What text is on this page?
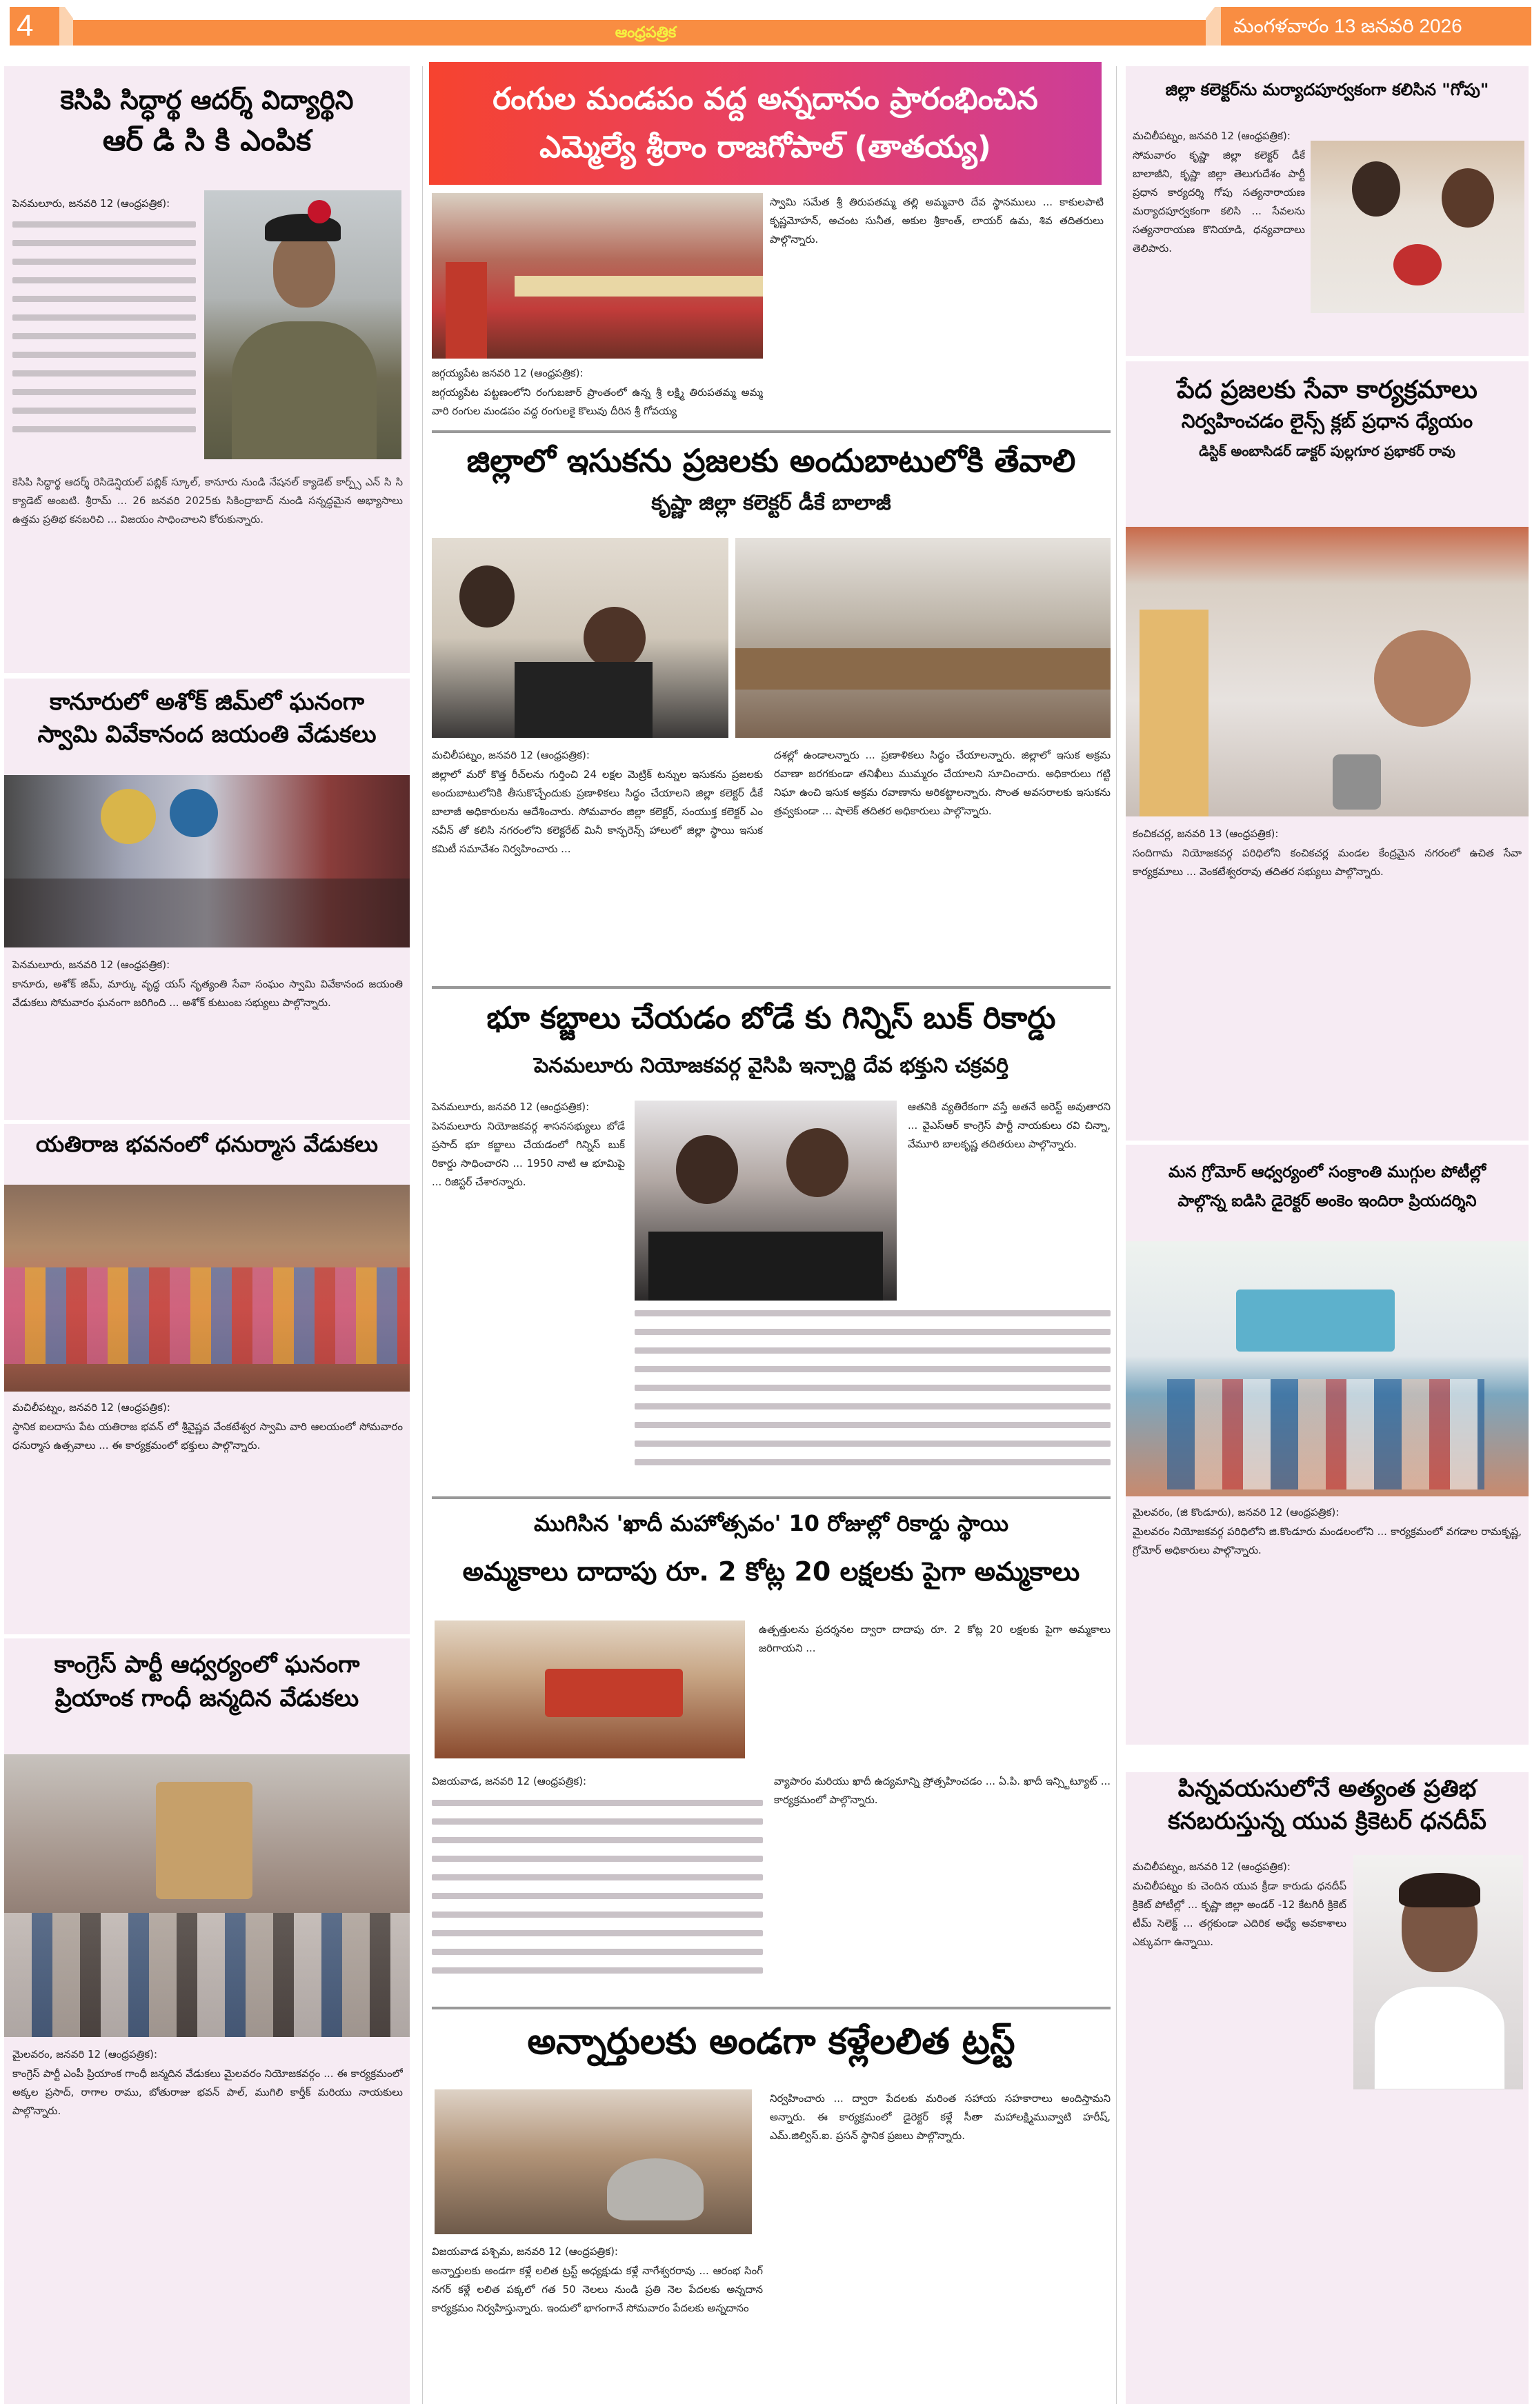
4	ఆంధ్రపత్రిక	మంగళవారం 13 జనవరి 2026
కెసిపి సిద్ధార్థ ఆదర్శ్ విద్యార్థిని
ఆర్ డి సి కి ఎంపిక
పెనమలూరు, జనవరి 12 (ఆంధ్రపత్రిక):
కెసిపి సిద్ధార్థ ఆదర్శ్ రెసిడెన్షియల్ పబ్లిక్ స్కూల్, కానూరు నుండి నేషనల్ క్యాడెట్ కార్ప్స్ ఎన్ సి సి క్యాడెట్ అంబటి. శ్రీరామ్ ... 26 జనవరి 2025కు సికింద్రాబాద్ నుండి సన్నద్ధమైన అభ్యాసాలు ఉత్తమ ప్రతిభ కనబరిచి ... విజయం సాధించాలని కోరుకున్నారు.
కానూరులో అశోక్ జిమ్‌లో ఘనంగా
స్వామి వివేకానంద జయంతి వేడుకలు
పెనమలూరు, జనవరి 12 (ఆంధ్రపత్రిక):
కానూరు, అశోక్ జిమ్, మార్కు వృద్ధ యస్ నృత్యంతి సేవా సంఘం స్వామి వివేకానంద జయంతి వేడుకలు సోమవారం ఘనంగా జరిగింది ... అశోక్ కుటుంబ సభ్యులు పాల్గొన్నారు.
యతిరాజ భవనంలో ధనుర్మాస వేడుకలు
మచిలీపట్నం, జనవరి 12 (ఆంధ్రపత్రిక):
స్థానిక ఐలదాసు పేట యతిరాజ భవన్ లో శ్రీవైష్ణవ వేంకటేశ్వర స్వామి వారి ఆలయంలో సోమవారం ధనుర్మాస ఉత్సవాలు ... ఈ కార్యక్రమంలో భక్తులు పాల్గొన్నారు.
కాంగ్రెస్ పార్టీ ఆధ్వర్యంలో ఘనంగా
ప్రియాంక గాంధీ జన్మదిన వేడుకలు
మైలవరం, జనవరి 12 (ఆంధ్రపత్రిక):
కాంగ్రెస్ పార్టీ ఎంపీ ప్రియాంక గాంధీ జన్మదిన వేడుకలు మైలవరం నియోజకవర్గం ... ఈ కార్యక్రమంలో అక్కల ప్రసాద్, రాగాల రాము, బోతురాజు భవన్ పాల్, ముగిలి కార్తీక్ మరియు నాయకులు పాల్గొన్నారు.
రంగుల మండపం వద్ద అన్నదానం ప్రారంభించిన
ఎమ్మెల్యే శ్రీరాం రాజగోపాల్ (తాతయ్య)
స్వామి సమేత శ్రీ తిరుపతమ్మ తల్లి అమ్మవారి దేవ స్థానములు ... కాకులపాటి కృష్ణమోహన్, అచంట సునీత, అకుల శ్రీకాంత్, లాయర్ ఉమ, శివ తదితరులు పాల్గొన్నారు.
జగ్గయ్యపేట జనవరి 12 (ఆంధ్రపత్రిక):
జగ్గయ్యపేట పట్టణంలోని రంగుబజార్ ప్రాంతంలో ఉన్న శ్రీ లక్ష్మి తిరుపతమ్మ అమ్మ వారి రంగుల మండపం వద్ద రంగులకై కొలువు దీరిన శ్రీ గోవయ్య
జిల్లాలో ఇసుకను ప్రజలకు అందుబాటులోకి తేవాలి
కృష్ణా జిల్లా కలెక్టర్ డీకే బాలాజీ
మచిలీపట్నం, జనవరి 12 (ఆంధ్రపత్రిక):
జిల్లాలో మరో కొత్త రీచ్‌లను గుర్తించి 24 లక్షల మెట్రిక్ టన్నుల ఇసుకను ప్రజలకు అందుబాటులోనికి తీసుకొచ్చేందుకు ప్రణాళికలు సిద్ధం చేయాలని జిల్లా కలెక్టర్ డీకే బాలాజీ అధికారులను ఆదేశించారు. సోమవారం జిల్లా కలెక్టర్, సంయుక్త కలెక్టర్ ఎం నవీన్ తో కలిసి నగరంలోని కలెక్టరేట్ మినీ కాన్ఫరెన్స్ హాలులో జిల్లా స్థాయి ఇసుక కమిటీ సమావేశం నిర్వహించారు ...
దశల్లో ఉండాలన్నారు ... ప్రణాళికలు సిద్ధం చేయాలన్నారు. జిల్లాలో ఇసుక అక్రమ రవాణా జరగకుండా తనిఖీలు ముమ్మరం చేయాలని సూచించారు. అధికారులు గట్టి నిఘా ఉంచి ఇసుక అక్రమ రవాణాను అరికట్టాలన్నారు. సొంత అవసరాలకు ఇసుకను త్రవ్వకుండా ... షాలెక్ తదితర అధికారులు పాల్గొన్నారు.
భూ కబ్జాలు చేయడం బోడే కు గిన్నిస్ బుక్ రికార్డు
పెనమలూరు నియోజకవర్గ వైసిపి ఇన్చార్జి దేవ భక్తుని చక్రవర్తి
పెనమలూరు, జనవరి 12 (ఆంధ్రపత్రిక):
పెనమలూరు నియోజకవర్గ శాసనసభ్యులు బోడే ప్రసాద్ భూ కబ్జాలు చేయడంలో గిన్నిస్ బుక్ రికార్డు సాధించారని ... 1950 నాటి ఆ భూమిపై ... రిజిస్టర్ చేశారన్నారు.
ఆతనికి వ్యతిరేకంగా వస్తే అతనే అరెస్ట్ అవుతారని ... వైఎస్ఆర్ కాంగ్రెస్ పార్టీ నాయకులు రవి చిన్నా, వేమూరి బాలకృష్ణ తదితరులు పాల్గొన్నారు.
ముగిసిన 'ఖాదీ మహోత్సవం' 10 రోజుల్లో రికార్డు స్థాయి
అమ్మకాలు దాదాపు రూ. 2 కోట్ల 20 లక్షలకు పైగా అమ్మకాలు
ఉత్పత్తులను ప్రదర్శనల ద్వారా దాదాపు రూ. 2 కోట్ల 20 లక్షలకు పైగా అమ్మకాలు జరిగాయని ...
విజయవాడ, జనవరి 12 (ఆంధ్రపత్రిక):	వ్యాపారం మరియు ఖాదీ ఉద్యమాన్ని ప్రోత్సహించడం ... ఏ.పి. ఖాదీ ఇన్స్టిట్యూట్ ... కార్యక్రమంలో పాల్గొన్నారు.
అన్నార్తులకు అండగా కళ్లేలలిత ట్రస్ట్
నిర్వహించారు ... ద్వారా పేదలకు మరింత సహాయ సహకారాలు అందిస్తామని అన్నారు. ఈ కార్యక్రమంలో డైరెక్టర్ కళ్లే సీతా మహాలక్ష్మిమువ్వాటి హరీష్, ఎమ్.జిల్విస్.ఐ. ప్రసన్ స్థానిక ప్రజలు పాల్గొన్నారు.
విజయవాడ పశ్చిమ, జనవరి 12 (ఆంధ్రపత్రిక):
అన్నార్తులకు అండగా కళ్లే లలిత ట్రస్ట్ అధ్యక్షుడు కళ్లే నాగేశ్వరరావు ... ఆరంభ సింగ్ నగర్ కళ్లే లలిత పక్కలో గత 50 నెలలు నుండి ప్రతి నెల పేదలకు అన్నదాన కార్యక్రమం నిర్వహిస్తున్నారు. ఇందులో భాగంగానే సోమవారం పేదలకు అన్నదానం
జిల్లా కలెక్టర్‌ను మర్యాదపూర్వకంగా కలిసిన "గోపు"
మచిలీపట్నం, జనవరి 12 (ఆంధ్రపత్రిక):
సోమవారం కృష్ణా జిల్లా కలెక్టర్ డీకే బాలాజీని, కృష్ణా జిల్లా తెలుగుదేశం పార్టీ ప్రధాన కార్యదర్శి గోపు సత్యనారాయణ మర్యాదపూర్వకంగా కలిసి ... సేవలను సత్యనారాయణ కొనియాడి, ధన్యవాదాలు తెలిపారు.
పేద ప్రజలకు సేవా కార్యక్రమాలు
నిర్వహించడం లైన్స్ క్లబ్ ప్రధాన ధ్యేయం
డిస్టిక్ అంబాసిడర్ డాక్టర్ పుల్లగూర ప్రభాకర్ రావు
కంచికచర్ల, జనవరి 13 (ఆంధ్రపత్రిక):
సందిగామ నియోజకవర్గ పరిధిలోని కంచికచర్ల మండల కేంద్రమైన నగరంలో ఉచిత సేవా కార్యక్రమాలు ... వెంకటేశ్వరరావు తదితర సభ్యులు పాల్గొన్నారు.
మన గ్రోమోర్ ఆధ్వర్యంలో సంక్రాంతి ముగ్గుల పోటీల్లో
పాల్గొన్న ఐడిసి డైరెక్టర్ అంకెం ఇందిరా ప్రియదర్శిని
మైలవరం, (జి కొండూరు), జనవరి 12 (ఆంధ్రపత్రిక):
మైలవరం నియోజకవర్గ పరిధిలోని జి.కొండూరు మండలంలోని ... కార్యక్రమంలో వగడాల రామకృష్ణ, గ్రోమోర్ అధికారులు పాల్గొన్నారు.
పిన్నవయసులోనే అత్యంత ప్రతిభ
కనబరుస్తున్న యువ క్రికెటర్ ధనదీప్
మచిలీపట్నం, జనవరి 12 (ఆంధ్రపత్రిక):
మచిలీపట్నం కు చెందిన యువ క్రీడా కారుడు ధనదీప్ క్రికెట్ పోటీల్లో ... కృష్ణా జిల్లా అండర్ -12 కేటగిరీ క్రికెట్ టీమ్ సెలెక్ట్ ... తగ్గకుండా ఎదిరిక అధ్యే అవకాశాలు ఎక్కువగా ఉన్నాయి.
